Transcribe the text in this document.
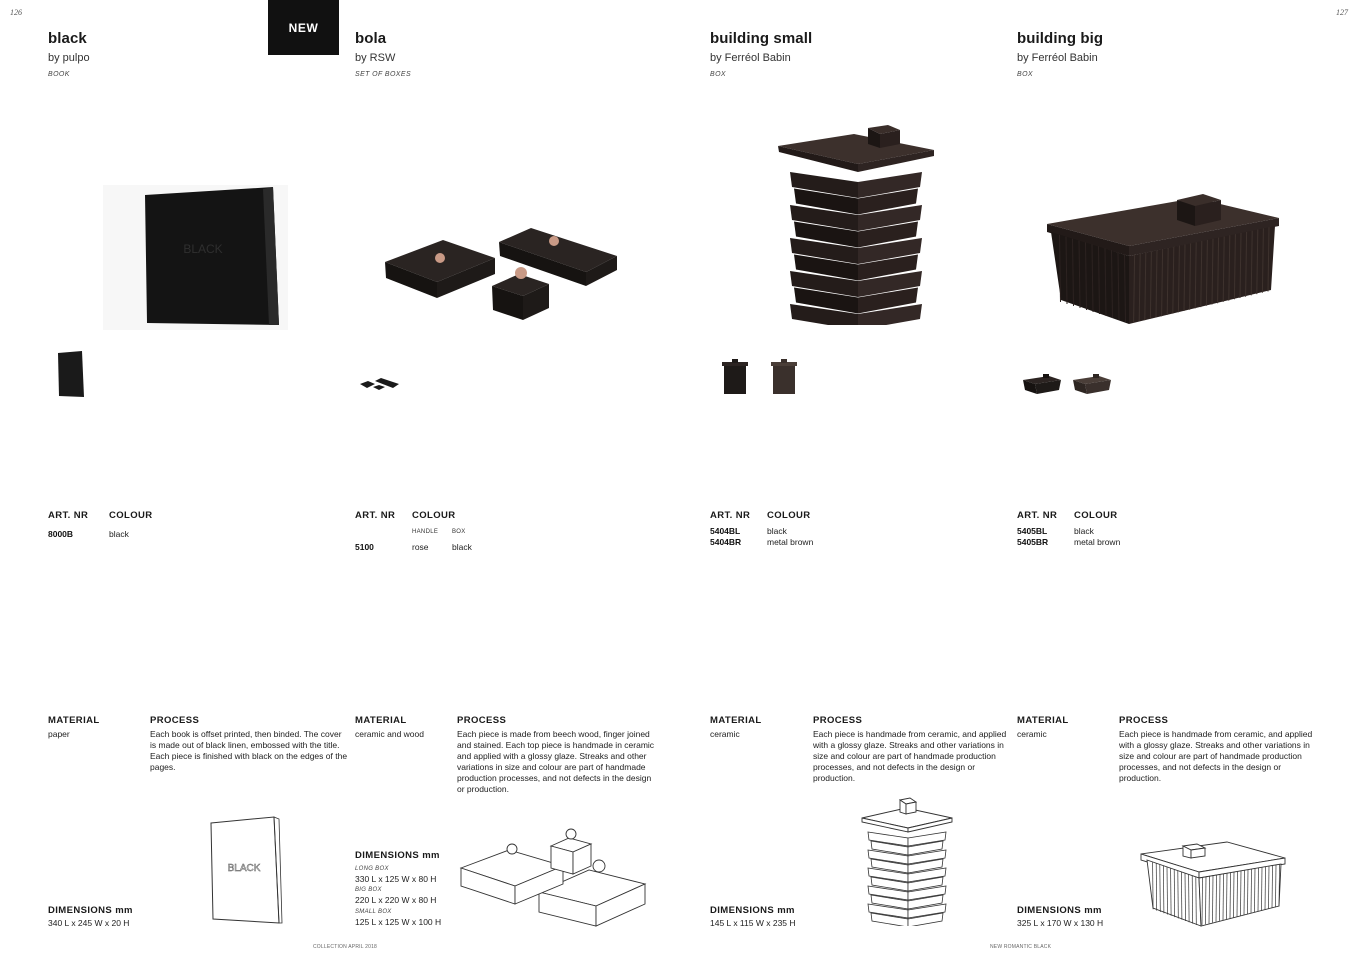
126	127
NEW
black
by pulpo
BOOK
BLACK
ART. NR COLOUR
8000B	black
MATERIAL
paper
PROCESS
Each book is offset printed, then binded. The cover
is made out of black linen, embossed with the title.
Each piece is finished with black on the edges of the
pages.
BLACK
DIMENSIONS mm
340 L x 245 W x 20 H
bola
by RSW
SET OF BOXES
ART. NR COLOUR
HANDLE BOX
5100	rose	black
MATERIAL
ceramic and wood
PROCESS
Each piece is made from beech wood, finger joined
and stained. Each top piece is handmade in ceramic
and applied with a glossy glaze. Streaks and other
variations in size and colour are part of handmade
production processes, and not defects in the design
or production.
DIMENSIONS mm
LONG BOX
330 L x 125 W x 80 H
BIG BOX
220 L x 220 W x 80 H
SMALL BOX
125 L x 125 W x 100 H
building small
by Ferréol Babin
BOX
ART. NR COLOUR
5404BL	black
5404BR	metal brown
MATERIAL
ceramic
PROCESS
Each piece is handmade from ceramic, and applied
with a glossy glaze. Streaks and other variations in
size and colour are part of handmade production
processes, and not defects in the design or
production.
DIMENSIONS mm
145 L x 115 W x 235 H
building big
by Ferréol Babin
BOX
ART. NR COLOUR
5405BL	black
5405BR	metal brown
MATERIAL
ceramic
PROCESS
Each piece is handmade from ceramic, and applied
with a glossy glaze. Streaks and other variations in
size and colour are part of handmade production
processes, and not defects in the design or
production.
DIMENSIONS mm
325 L x 170 W x 130 H
COLLECTION APRIL 2018	NEW ROMANTIC BLACK
